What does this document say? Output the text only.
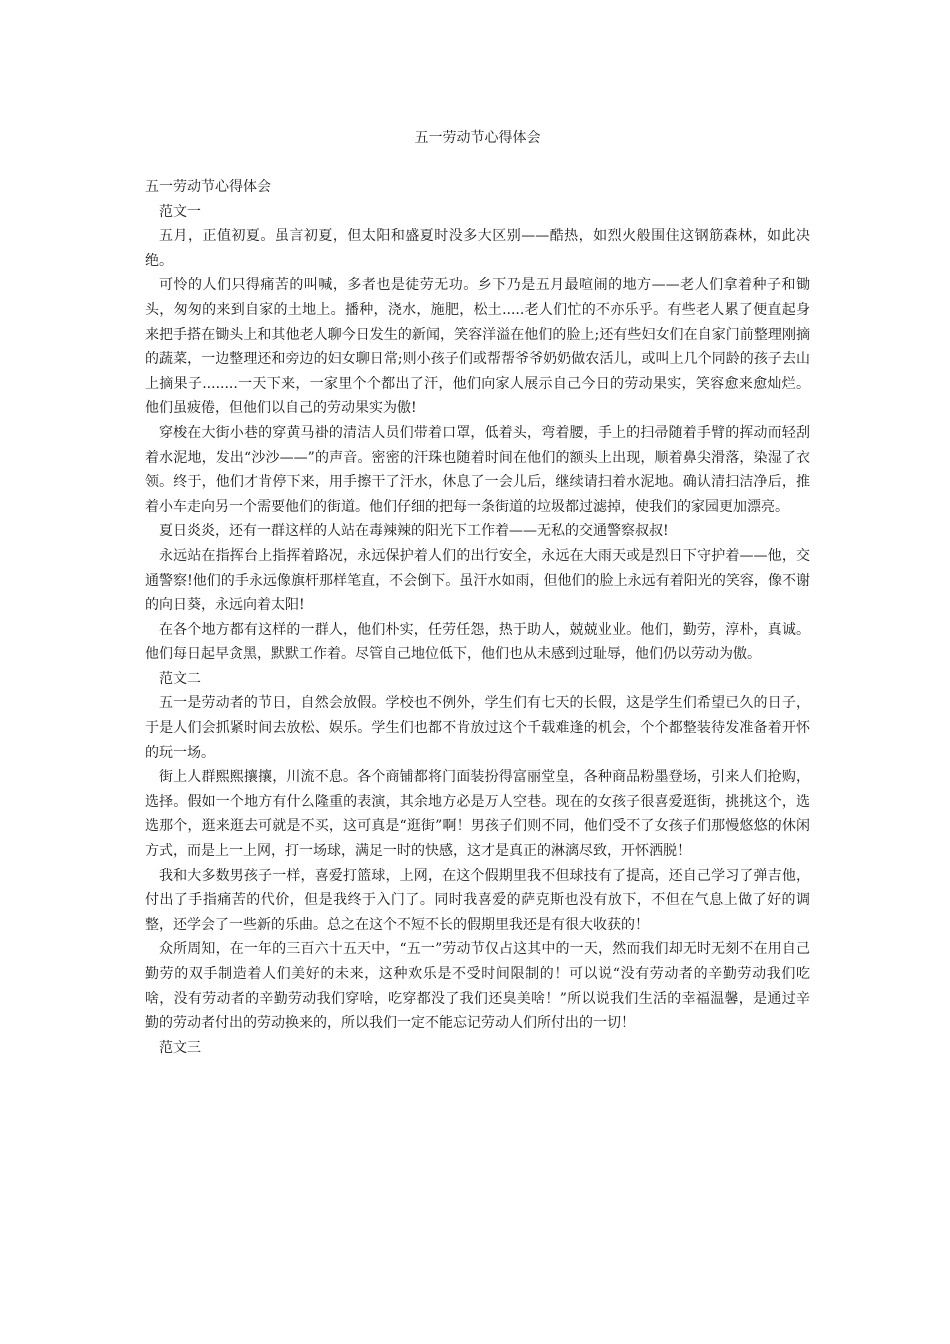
五一劳动节心得体会

五一劳动节心得体会

范文一

五月，正值初夏。虽言初夏，但太阳和盛夏时没多大区别——酷热，如烈火般围住这钢筋森林，如此决绝。

可怜的人们只得痛苦的叫喊，多者也是徒劳无功。乡下乃是五月最喧闹的地方——老人们拿着种子和锄头，匆匆的来到自家的土地上。播种，浇水，施肥，松土.....老人们忙的不亦乐乎。有些老人累了便直起身来把手搭在锄头上和其他老人聊今日发生的新闻，笑容洋溢在他们的脸上;还有些妇女们在自家门前整理刚摘的蔬菜，一边整理还和旁边的妇女聊日常;则小孩子们或帮帮爷爷奶奶做农活儿，或叫上几个同龄的孩子去山上摘果子........一天下来，一家里个个都出了汗，他们向家人展示自己今日的劳动果实，笑容愈来愈灿烂。他们虽疲倦，但他们以自己的劳动果实为傲!

穿梭在大街小巷的穿黄马褂的清洁人员们带着口罩，低着头，弯着腰，手上的扫帚随着手臂的挥动而轻刮着水泥地，发出“沙沙——”的声音。密密的汗珠也随着时间在他们的额头上出现，顺着鼻尖滑落，染湿了衣领。终于，他们才肯停下来，用手擦干了汗水，休息了一会儿后，继续请扫着水泥地。确认清扫洁净后，推着小车走向另一个需要他们的街道。他们仔细的把每一条街道的垃圾都过滤掉，使我们的家园更加漂亮。

夏日炎炎，还有一群这样的人站在毒辣辣的阳光下工作着——无私的交通警察叔叔!

永远站在指挥台上指挥着路况，永远保护着人们的出行安全，永远在大雨天或是烈日下守护着——他，交通警察!他们的手永远像旗杆那样笔直，不会倒下。虽汗水如雨，但他们的脸上永远有着阳光的笑容，像不谢的向日葵，永远向着太阳!

在各个地方都有这样的一群人，他们朴实，任劳任怨，热于助人，兢兢业业。他们，勤劳，淳朴，真诚。他们每日起早贪黑，默默工作着。尽管自己地位低下，他们也从未感到过耻辱，他们仍以劳动为傲。

范文二

五一是劳动者的节日，自然会放假。学校也不例外，学生们有七天的长假，这是学生们希望已久的日子，于是人们会抓紧时间去放松、娱乐。学生们也都不肯放过这个千载难逢的机会，个个都整装待发准备着开怀的玩一场。

街上人群熙熙攘攘，川流不息。各个商铺都将门面装扮得富丽堂皇，各种商品粉墨登场，引来人们抢购，选择。假如一个地方有什么隆重的表演，其余地方必是万人空巷。现在的女孩子很喜爱逛街，挑挑这个，选选那个，逛来逛去可就是不买，这可真是“逛街”啊！男孩子们则不同，他们受不了女孩子们那慢悠悠的休闲方式，而是上一上网，打一场球，满足一时的快感，这才是真正的淋漓尽致，开怀洒脱！

我和大多数男孩子一样，喜爱打篮球，上网，在这个假期里我不但球技有了提高，还自己学习了弹吉他，付出了手指痛苦的代价，但是我终于入门了。同时我喜爱的萨克斯也没有放下，不但在气息上做了好的调整，还学会了一些新的乐曲。总之在这个不短不长的假期里我还是有很大收获的！

众所周知，在一年的三百六十五天中，“五一”劳动节仅占这其中的一天，然而我们却无时无刻不在用自己勤劳的双手制造着人们美好的未来，这种欢乐是不受时间限制的！可以说“没有劳动者的辛勤劳动我们吃啥，没有劳动者的辛勤劳动我们穿啥，吃穿都没了我们还臭美啥！”所以说我们生活的幸福温馨，是通过辛勤的劳动者付出的劳动换来的，所以我们一定不能忘记劳动人们所付出的一切！

范文三
